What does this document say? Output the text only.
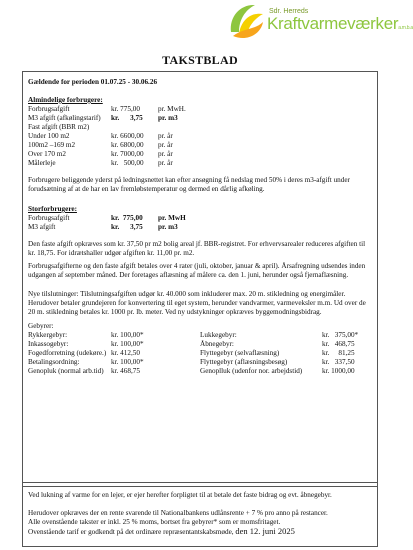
Sdr. Herreds
Kraftvarmeværkera.m.b.a
TAKSTBLAD
Gældende for perioden 01.07.25 - 30.06.26
Almindelige forbrugere:
Forbrugsafgift	kr. 775,00	pr. MwH.
M3 afgift (afkølingstarif) kr.      3,75 pr. m3
Fast afgift (BBR m2)
Under 100 m2	kr. 6600,00 pr. år
100m2 –169 m2	kr. 6800,00 pr. år
Over 170 m2	kr. 7000,00 pr. år
Målerleje	kr.   500,00 pr. år
Forbrugere beliggende yderst på ledningsnettet kan efter ansøgning få nedslag med 50% i deres m3-afgift under forudsætning af at de har en lav fremløbstemperatur og dermed en dårlig afkøling.
Storforbrugere:
Forbrugsafgift	kr.  775,00 pr. MwH
M3 afgift	kr.      3,75 pr. m3
Den faste afgift opkræves som kr. 37,50 pr m2 bolig areal jf. BBR-registret. For erhvervsarealer reduceres afgiften til kr. 18,75. For idrætshaller udgør afgiften kr. 11,00 pr. m2.
Forbrugsafgifterne og den faste afgift betales over 4 rater (juli, oktober, januar & april). Årsafregning udsendes inden udgangen af september måned. Der foretages aflæsning af målere ca. den 1. juni, herunder også fjernaflæsning.
Nye tilslutninger: Tilslutningsafgiften udgør kr. 40.000 som inkluderer max. 20 m. stikledning og energimåler. Herudover betaler grundejeren for konvertering til eget system, herunder vandvarmer, varmeveksler m.m. Ud over de 20 m. stikledning betales kr. 1000 pr. lb. meter. Ved ny udstykninger opkræves byggemodningsbidrag.
Gebyrer:
Rykkergebyr:	kr. 100,00*
Inkassogebyr:	kr. 100,00*
Fogedforretning (udekøre.) kr. 412,50
Betalingsordning:	kr. 100,00*
Genopluk (normal arb.tid) kr. 468,75
Lukkegebyr:	kr.   375,00*
Åbnegebyr:	kr.   468,75
Flyttegebyr (selvaflæsning)	kr.     81,25
Flyttegebyr (aflæsningsbesøg)	kr.   337,50
Genoplluk (udenfor nor. arbejdstid)	kr. 1000,00
Ved lukning af varme for en lejer, er ejer herefter forpligtet til at betale det faste bidrag og evt. åbnegebyr.
Herudover opkræves der en rente svarende til Nationalbankens udlånsrente + 7 % pro anno på restancer.
Alle ovenstående takster er inkl. 25 % moms, bortset fra gebyrer* som er momsfritaget.
Ovenstående tarif er godkendt på det ordinære repræsentantskabsmøde, den 12. juni 2025
